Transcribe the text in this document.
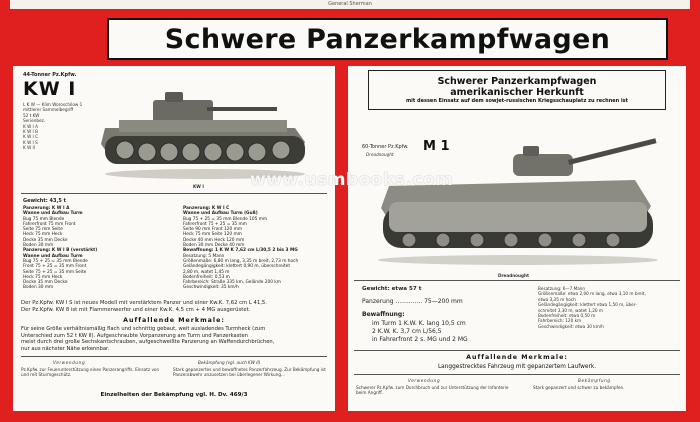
General Sherman
Schwere Panzerkampfwagen
44-Tonner Pz.Kpfw.
KW I
L K W — Klim Woroschilow 1
mittlerer Sammelbegriff
52 t KW
Serienbez.
K W I A
K W I B
K W I C
K W I S
K W II
KW I
Gewicht: 43,5 t
Panzerung: K W I A
Wanne und Aufbau Turm
Bug 75 mm Blende
Fahrerfront 75 mm Front
Seite 75 mm Seite
Heck 75 mm Heck
Decke 35 mm Decke
Boden 30 mm
Panzerung: K W I B (verstärkt)
Wanne und Aufbau Turm
Bug 75 + 25 = 35 mm Blende
Front 75 + 25 = 35 mm Front
Seite 75 + 25 = 35 mm Seite
Heck 75 mm Heck
Decke 35 mm Decke
Boden 30 mm
Panzerung: K W I C
Wanne und Aufbau Turm (Guß)
Bug 75 + 25 = 35 mm Blende 105 mm
Fahrerfront 75 + 25 = 35 mm
Seite 90 mm Front 120 mm
Heck 75 mm Seite 120 mm
Decke 40 mm Heck 120 mm
Boden 30 mm Decke 40 mm
Bewaffnung: 1 K W K 7,62 cm L/30,5 2 bis 3 MG
Besatzung: 5 Mann
Größenmaße: 6,80 m lang, 3,35 m breit, 2,73 m hoch
Geländegängigkeit: klettert 0,90 m, überschreitet
2,80 m, watet 1,45 m
Bodenfreiheit: 0,53 m
Fahrbereich: Straße 335 km, Gelände 200 km
Geschwindigkeit: 35 km/h
Der Pz.Kpfw. KW I S ist neues Modell mit verstärktem Panzer und einer Kw.K. 7,62 cm L 41,5.
Der Pz.Kpfw. KW 8 ist mit Flammenwerfer und einer Kw.K. 4,5 cm + 4 MG ausgerüstet.
Auffallende Merkmale:
Für seine Größe verhältnismäßig flach und schnittig gebaut, weit ausladendes Turmheck (zum
Unterschied zum 52 t KW II). Aufgeschraubte Vorpanzerung am Turm und Panzerkasten
meist durch drei große Sechskantschrauben, aufgeschweißte Panzerung an Waffendurchbrüchen,
nur aus nächster Nähe erkennbar.
Verwendung	Bekämpfung (vgl. auch KW II)
Pz.Kpfw. zur Feuerunterstützung eines Panzerangriffs. Einsatz von und mit Sturmgeschütz.
Stark gepanzertes und bewaffnetes Panzerfahrzeug. Zur Bekämpfung ist Panzerabwehr anzusetzen bei überlegener Wirkung...
Einzelheiten der Bekämpfung vgl. H. Dv. 469/3
Schwerer Panzerkampfwagen
amerikanischer Herkunft
mit dessen Einsatz auf dem sowjet-russischen Kriegsschauplatz zu rechnen ist
60-Tonner Pz.Kpfw. M 1
Dreadnought
Dreadnought
Gewicht: etwa 57 t
Panzerung .............. 75—200 mm
Bewaffnung:
im Turm 1 K.W. K. lang 10,5 cm
2 K.W. K. 3,7 cm L/56,5
in Fahrerfront 2 s. MG und 2 MG
Besatzung: 6—7 Mann
Größenmaße: etwa 2,00 m lang, etwa 3,10 m breit,
etwa 3,35 m hoch
Geländegängigkeit: klettert etwa 1,50 m, über-
schreitet 3,30 m, watet 1,20 m
Bodenfreiheit: etwa 0,50 m
Fahrbereich: 120 km
Geschwindigkeit: etwa 30 km/h
Auffallende Merkmale:
Langgestrecktes Fahrzeug mit gepanzertem Laufwerk.
Verwendung	Bekämpfung
Schwerer Pz.Kpfw. zum Durchbruch und zur Unterstützung der Infanterie beim Angriff.
Stark gepanzert und schwer zu bekämpfen.
www.usmbooks.com
